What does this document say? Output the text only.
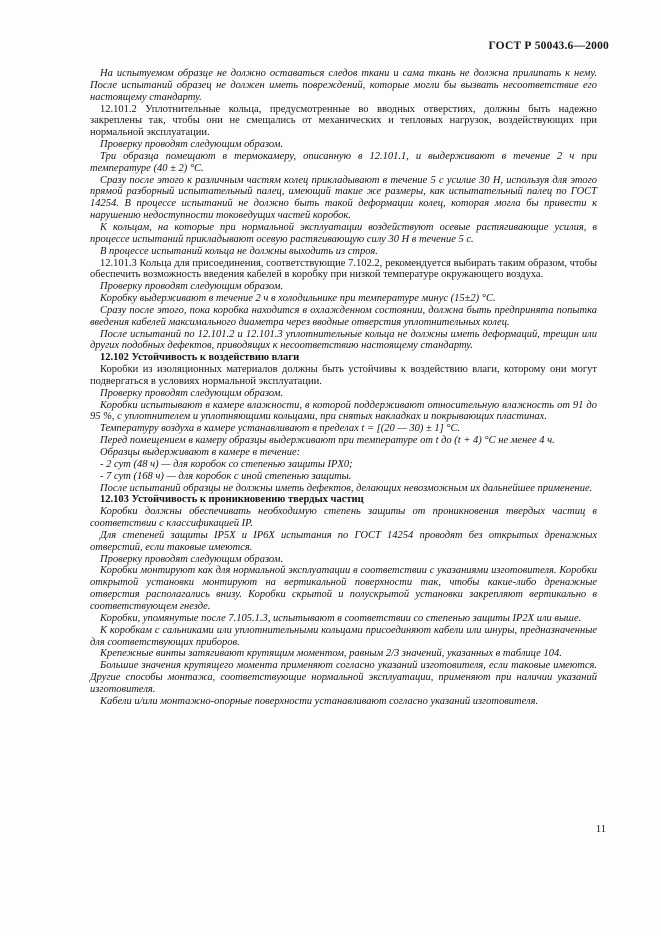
ГОСТ Р 50043.6—2000

На испытуемом образце не должно оставаться следов ткани и сама ткань не должна прилипать к нему. После испытаний образец не должен иметь повреждений, которые могли бы вызвать несоответствие его настоящему стандарту.

12.101.2 Уплотнительные кольца, предусмотренные во вводных отверстиях, должны быть надежно закреплены так, чтобы они не смещались от механических и тепловых нагрузок, воздействующих при нормальной эксплуатации.

Проверку проводят следующим образом.

Три образца помещают в термокамеру, описанную в 12.101.1, и выдерживают в течение 2 ч при температуре (40 ± 2) °С.

Сразу после этого к различным частям колец прикладывают в течение 5 с усилие 30 Н, используя для этого прямой разборный испытательный палец, имеющий такие же размеры, как испытательный палец по ГОСТ 14254. В процессе испытаний не должно быть такой деформации колец, которая могла бы привести к нарушению недоступности токоведущих частей коробок.

К кольцам, на которые при нормальной эксплуатации воздействуют осевые растягивающие усилия, в процессе испытаний прикладывают осевую растягивающую силу 30 Н в течение 5 с.

В процессе испытаний кольца не должны выходить из строя.

12.101.3 Кольца для присоединения, соответствующие 7.102.2, рекомендуется выбирать таким образом, чтобы обеспечить возможность введения кабелей в коробку при низкой температуре окружающего воздуха.

Проверку проводят следующим образом.

Коробку выдерживают в течение 2 ч в холодильнике при температуре минус (15±2) °С.

Сразу после этого, пока коробка находится в охлажденном состоянии, должна быть предпринята попытка введения кабелей максимального диаметра через вводные отверстия уплотнительных колец.

После испытаний по 12.101.2 и 12.101.3 уплотнительные кольца не должны иметь деформаций, трещин или других подобных дефектов, приводящих к несоответствию настоящему стандарту.

12.102 Устойчивость к воздействию влаги

Коробки из изоляционных материалов должны быть устойчивы к воздействию влаги, которому они могут подвергаться в условиях нормальной эксплуатации.

Проверку проводят следующим образом.

Коробки испытывают в камере влажности, в которой поддерживают относительную влажность от 91 до 95 %, с уплотнителем и уплотняющими кольцами, при снятых накладках и покрывающих пластинах.

Температуру воздуха в камере устанавливают в пределах t = [(20 — 30) ± 1] °С.

Перед помещением в камеру образцы выдерживают при температуре от t до (t + 4) °С не менее 4 ч.

Образцы выдерживают в камере в течение:

- 2 сут (48 ч) — для коробок со степенью защиты IPX0;

- 7 сут (168 ч) — для коробок с иной степенью защиты.

После испытаний образцы не должны иметь дефектов, делающих невозможным их дальнейшее применение.

12.103 Устойчивость к проникновению твердых частиц

Коробки должны обеспечивать необходимую степень защиты от проникновения твердых частиц в соответствии с классификацией IP.

Для степеней защиты IP5X и IP6X испытания по ГОСТ 14254 проводят без открытых дренажных отверстий, если таковые имеются.

Проверку проводят следующим образом.

Коробки монтируют как для нормальной эксплуатации в соответствии с указаниями изготовителя. Коробки открытой установки монтируют на вертикальной поверхности так, чтобы какие-либо дренажные отверстия располагались внизу. Коробки скрытой и полускрытой установки закрепляют вертикально в соответствующем гнезде.

Коробки, упомянутые после 7.105.1.3, испытывают в соответствии со степенью защиты IP2X или выше.

К коробкам с сальниками или уплотнительными кольцами присоединяют кабели или шнуры, предназначенные для соответствующих приборов.

Крепежные винты затягивают крутящим моментом, равным 2/3 значений, указанных в таблице 104.

Большие значения крутящего момента применяют согласно указаний изготовителя, если таковые имеются. Другие способы монтажа, соответствующие нормальной эксплуатации, применяют при наличии указаний изготовителя.

Кабели и/или монтажно-опорные поверхности устанавливают согласно указаний изготовителя.

11
